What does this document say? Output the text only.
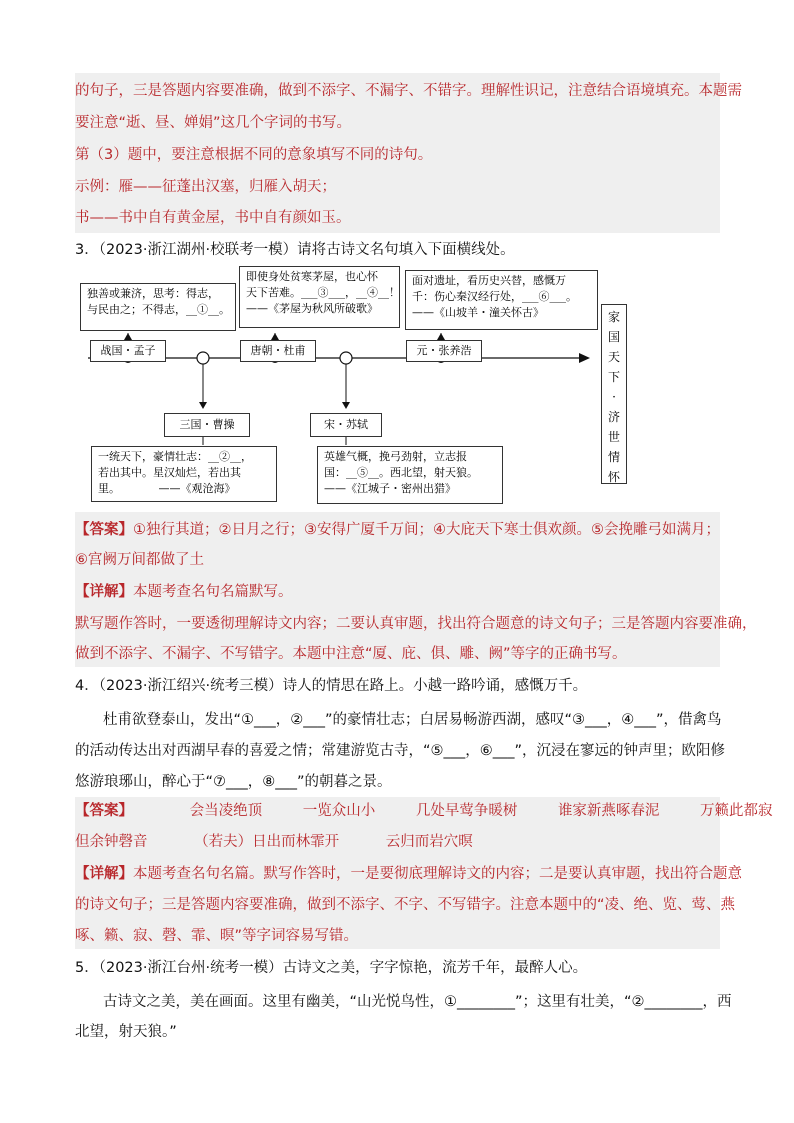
的句子，三是答题内容要准确，做到不添字、不漏字、不错字。理解性识记，注意结合语境填充。本题需
要注意“逝、昼、婵娟”这几个字词的书写。
第（3）题中，要注意根据不同的意象填写不同的诗句。
示例：雁——征蓬出汉塞，归雁入胡天；
书——书中自有黄金屋，书中自有颜如玉。
3．（2023·浙江湖州·校联考一模）请将古诗文名句填入下面横线处。
独善或兼济，思考：得志，
与民由之；不得志，__①__。
战国・孟子
即使身处贫寒茅屋，也心怀
天下苦难。___③___，__④__！
——《茅屋为秋风所破歌》
唐朝・杜甫
面对遗址，看历史兴替，感慨万
千：伤心秦汉经行处，___⑥___。
——《山坡羊・潼关怀古》
元・张养浩
三国・曹操
一统天下，豪情壮志：__②__，
若出其中。星汉灿烂，若出其
里。　　　　——《观沧海》
宋・苏轼
英雄气概，挽弓劲射，立志报
国：__⑤__。西北望，射天狼。
——《江城子・密州出猎》
家
国
天
下
·
济
世
情
怀
【答案】①独行其道；②日月之行；③安得广厦千万间；④大庇天下寒士俱欢颜。⑤会挽雕弓如满月；
⑥宫阙万间都做了土
【详解】本题考查名句名篇默写。
默写题作答时，一要透彻理解诗文内容；二要认真审题，找出符合题意的诗文句子；三是答题内容要准确，
做到不添字、不漏字、不写错字。本题中注意“厦、庇、俱、雕、阙”等字的正确书写。
4．（2023·浙江绍兴·统考三模）诗人的情思在路上。小越一路吟诵，感慨万千。
杜甫欲登泰山，发出“①___，②___”的豪情壮志；白居易畅游西湖，感叹“③___，④___”，借禽鸟
的活动传达出对西湖早春的喜爱之情；常建游览古寺，“⑤___，⑥___”，沉浸在寥远的钟声里；欧阳修
悠游琅琊山，醉心于“⑦___，⑧___”的朝暮之景。
【答案】	会当凌绝顶	一览众山小	几处早莺争暖树	谁家新燕啄春泥	万籁此都寂
但余钟磬音	（若夫）日出而林霏开	云归而岩穴暝
【详解】本题考查名句名篇。默写作答时，一是要彻底理解诗文的内容；二是要认真审题，找出符合题意
的诗文句子；三是答题内容要准确，做到不添字、不字、不写错字。注意本题中的“凌、绝、览、莺、燕
啄、籁、寂、磬、霏、暝”等字词容易写错。
5．（2023·浙江台州·统考一模）古诗文之美，字字惊艳，流芳千年，最醉人心。
古诗文之美，美在画面。这里有幽美，“山光悦鸟性，①________”；这里有壮美，“②________，西
北望，射天狼。”
